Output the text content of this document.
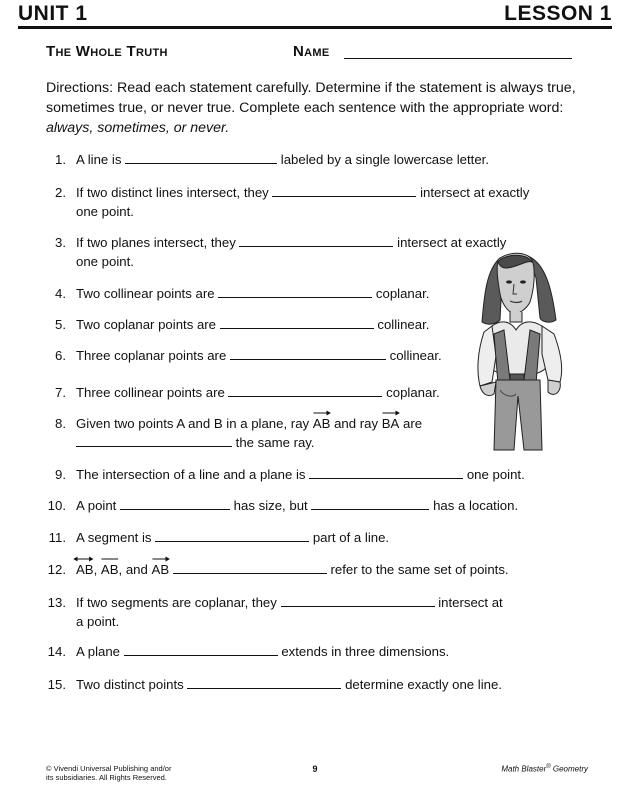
UNIT 1	LESSON 1
The Whole Truth	Name
Directions: Read each statement carefully. Determine if the statement is always true, sometimes true, or never true. Complete each sentence with the appropriate word: always, sometimes, or never.
1. A line is	labeled by a single lowercase letter.
2. If two distinct lines intersect, they	intersect at exactly
one point.
3. If two planes intersect, they	intersect at exactly
one point.
4. Two collinear points are	coplanar.
5. Two coplanar points are	collinear.
6. Three coplanar points are	collinear.
7. Three collinear points are	coplanar.
8. Given two points A and B in a plane, ray AB and ray BA are
the same ray.
9. The intersection of a line and a plane is	one point.
10. A point	has size, but	has a location.
11. A segment is	part of a line.
12. AB,
AB, and AB	refer to the same set of points.
13. If two segments are coplanar, they	intersect at
a point.
14. A plane	extends in three dimensions.
15. Two distinct points	determine exactly one line.
© Vivendi Universal Publishing and/or
its subsidiaries. All Rights Reserved.
9	Math Blaster® Geometry
